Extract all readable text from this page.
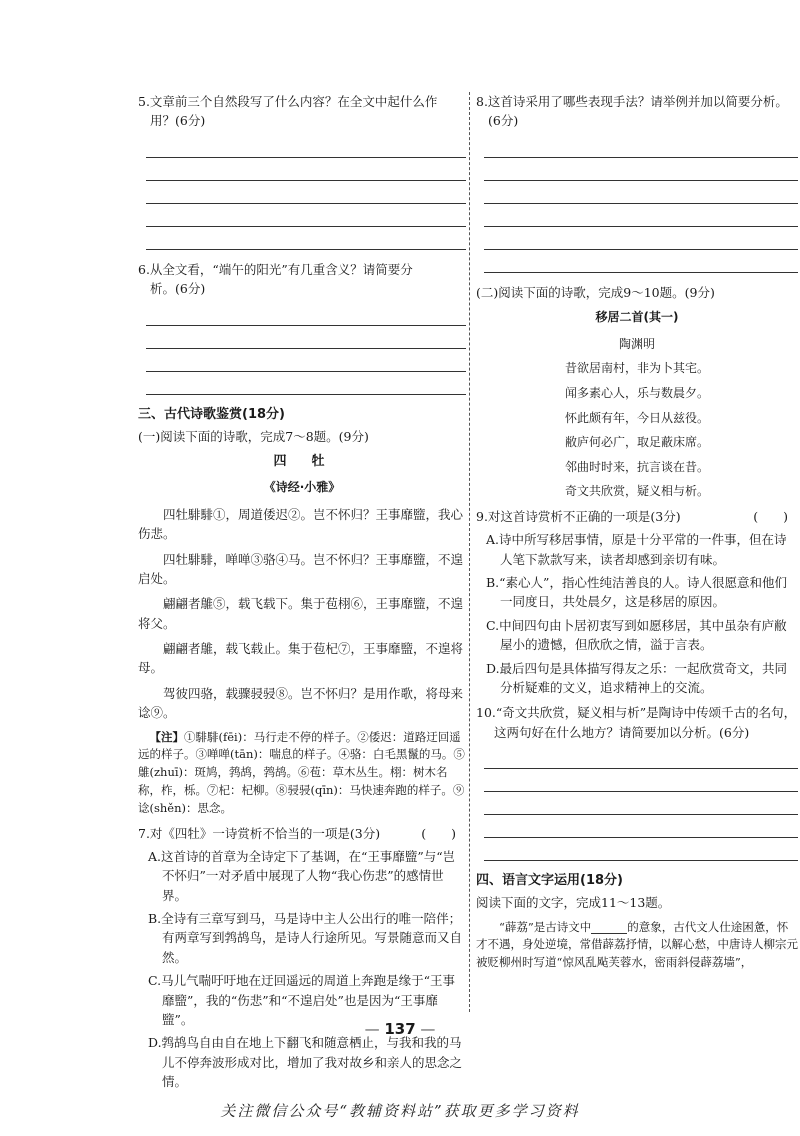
5.文章前三个自然段写了什么内容？在全文中起什么作
用？(6分)
6.从全文看，“端午的阳光”有几重含义？请简要分
析。(6分)
三、古代诗歌鉴赏(18分)
(一)阅读下面的诗歌，完成7～8题。(9分)
四　牡
《诗经·小雅》
四牡騑騑①，周道倭迟②。岂不怀归？王事靡盬，我心伤悲。
四牡騑騑，啴啴③骆④马。岂不怀归？王事靡盬，不遑启处。
翩翩者鵻⑤，载飞载下。集于苞栩⑥，王事靡盬，不遑将父。
翩翩者鵻，载飞载止。集于苞杞⑦，王事靡盬，不遑将母。
驾彼四骆，载骤骎骎⑧。岂不怀归？是用作歌，将母来谂⑨。
【注】①騑騑(fēi)：马行走不停的样子。②倭迟：道路迂回遥远的样子。③啴啴(tān)：喘息的样子。④骆：白毛黑鬣的马。⑤鵻(zhuī)：斑鸠，鹁鸪，鹁鸪。⑥苞：草木丛生。栩：树木名称，柞，栎。⑦杞：杞柳。⑧骎骎(qīn)：马快速奔跑的样子。⑨谂(shěn)：思念。
(　　)
7.对《四牡》一诗赏析不恰当的一项是(3分)
A.这首诗的首章为全诗定下了基调，在“王事靡盬”与“岂不怀归”一对矛盾中展现了人物“我心伤悲”的感情世界。
B.全诗有三章写到马，马是诗中主人公出行的唯一陪伴；有两章写到鹁鸪鸟，是诗人行途所见。写景随意而又自然。
C.马儿气喘吁吁地在迂回遥远的周道上奔跑是缘于“王事靡盬”，我的“伤悲”和“不遑启处”也是因为“王事靡盬”。
D.鹁鸪鸟自由自在地上下翻飞和随意栖止，与我和我的马儿不停奔波形成对比，增加了我对故乡和亲人的思念之情。
8.这首诗采用了哪些表现手法？请举例并加以简要分析。
(6分)
(二)阅读下面的诗歌，完成9～10题。(9分)
移居二首(其一)
陶渊明
昔欲居南村，非为卜其宅。
闻多素心人，乐与数晨夕。
怀此颇有年，今日从兹役。
敝庐何必广，取足蔽床席。
邻曲时时来，抗言谈在昔。
奇文共欣赏，疑义相与析。
(　　)
9.对这首诗赏析不正确的一项是(3分)
A.诗中所写移居事情，原是十分平常的一件事，但在诗人笔下款款写来，读者却感到亲切有味。
B.“素心人”，指心性纯洁善良的人。诗人很愿意和他们一同度日，共处晨夕，这是移居的原因。
C.中间四句由卜居初衷写到如愿移居，其中虽杂有庐敝屋小的遗憾，但欣欣之情，溢于言表。
D.最后四句是具体描写得友之乐：一起欣赏奇文，共同分析疑难的文义，追求精神上的交流。
10.“奇文共欣赏，疑义相与析”是陶诗中传颂千古的名句，这两句好在什么地方？请简要加以分析。(6分)
四、语言文字运用(18分)
阅读下面的文字，完成11～13题。
“薜荔”是古诗文中	的意象，古代文人仕途困惫，怀才不遇，身处逆境，常借薜荔抒情，以解心愁，中唐诗人柳宗元被贬柳州时写道“惊风乱飐芙蓉水，密雨斜侵薜荔墙”，
— 137 —
关注微信公众号“教辅资料站”获取更多学习资料
